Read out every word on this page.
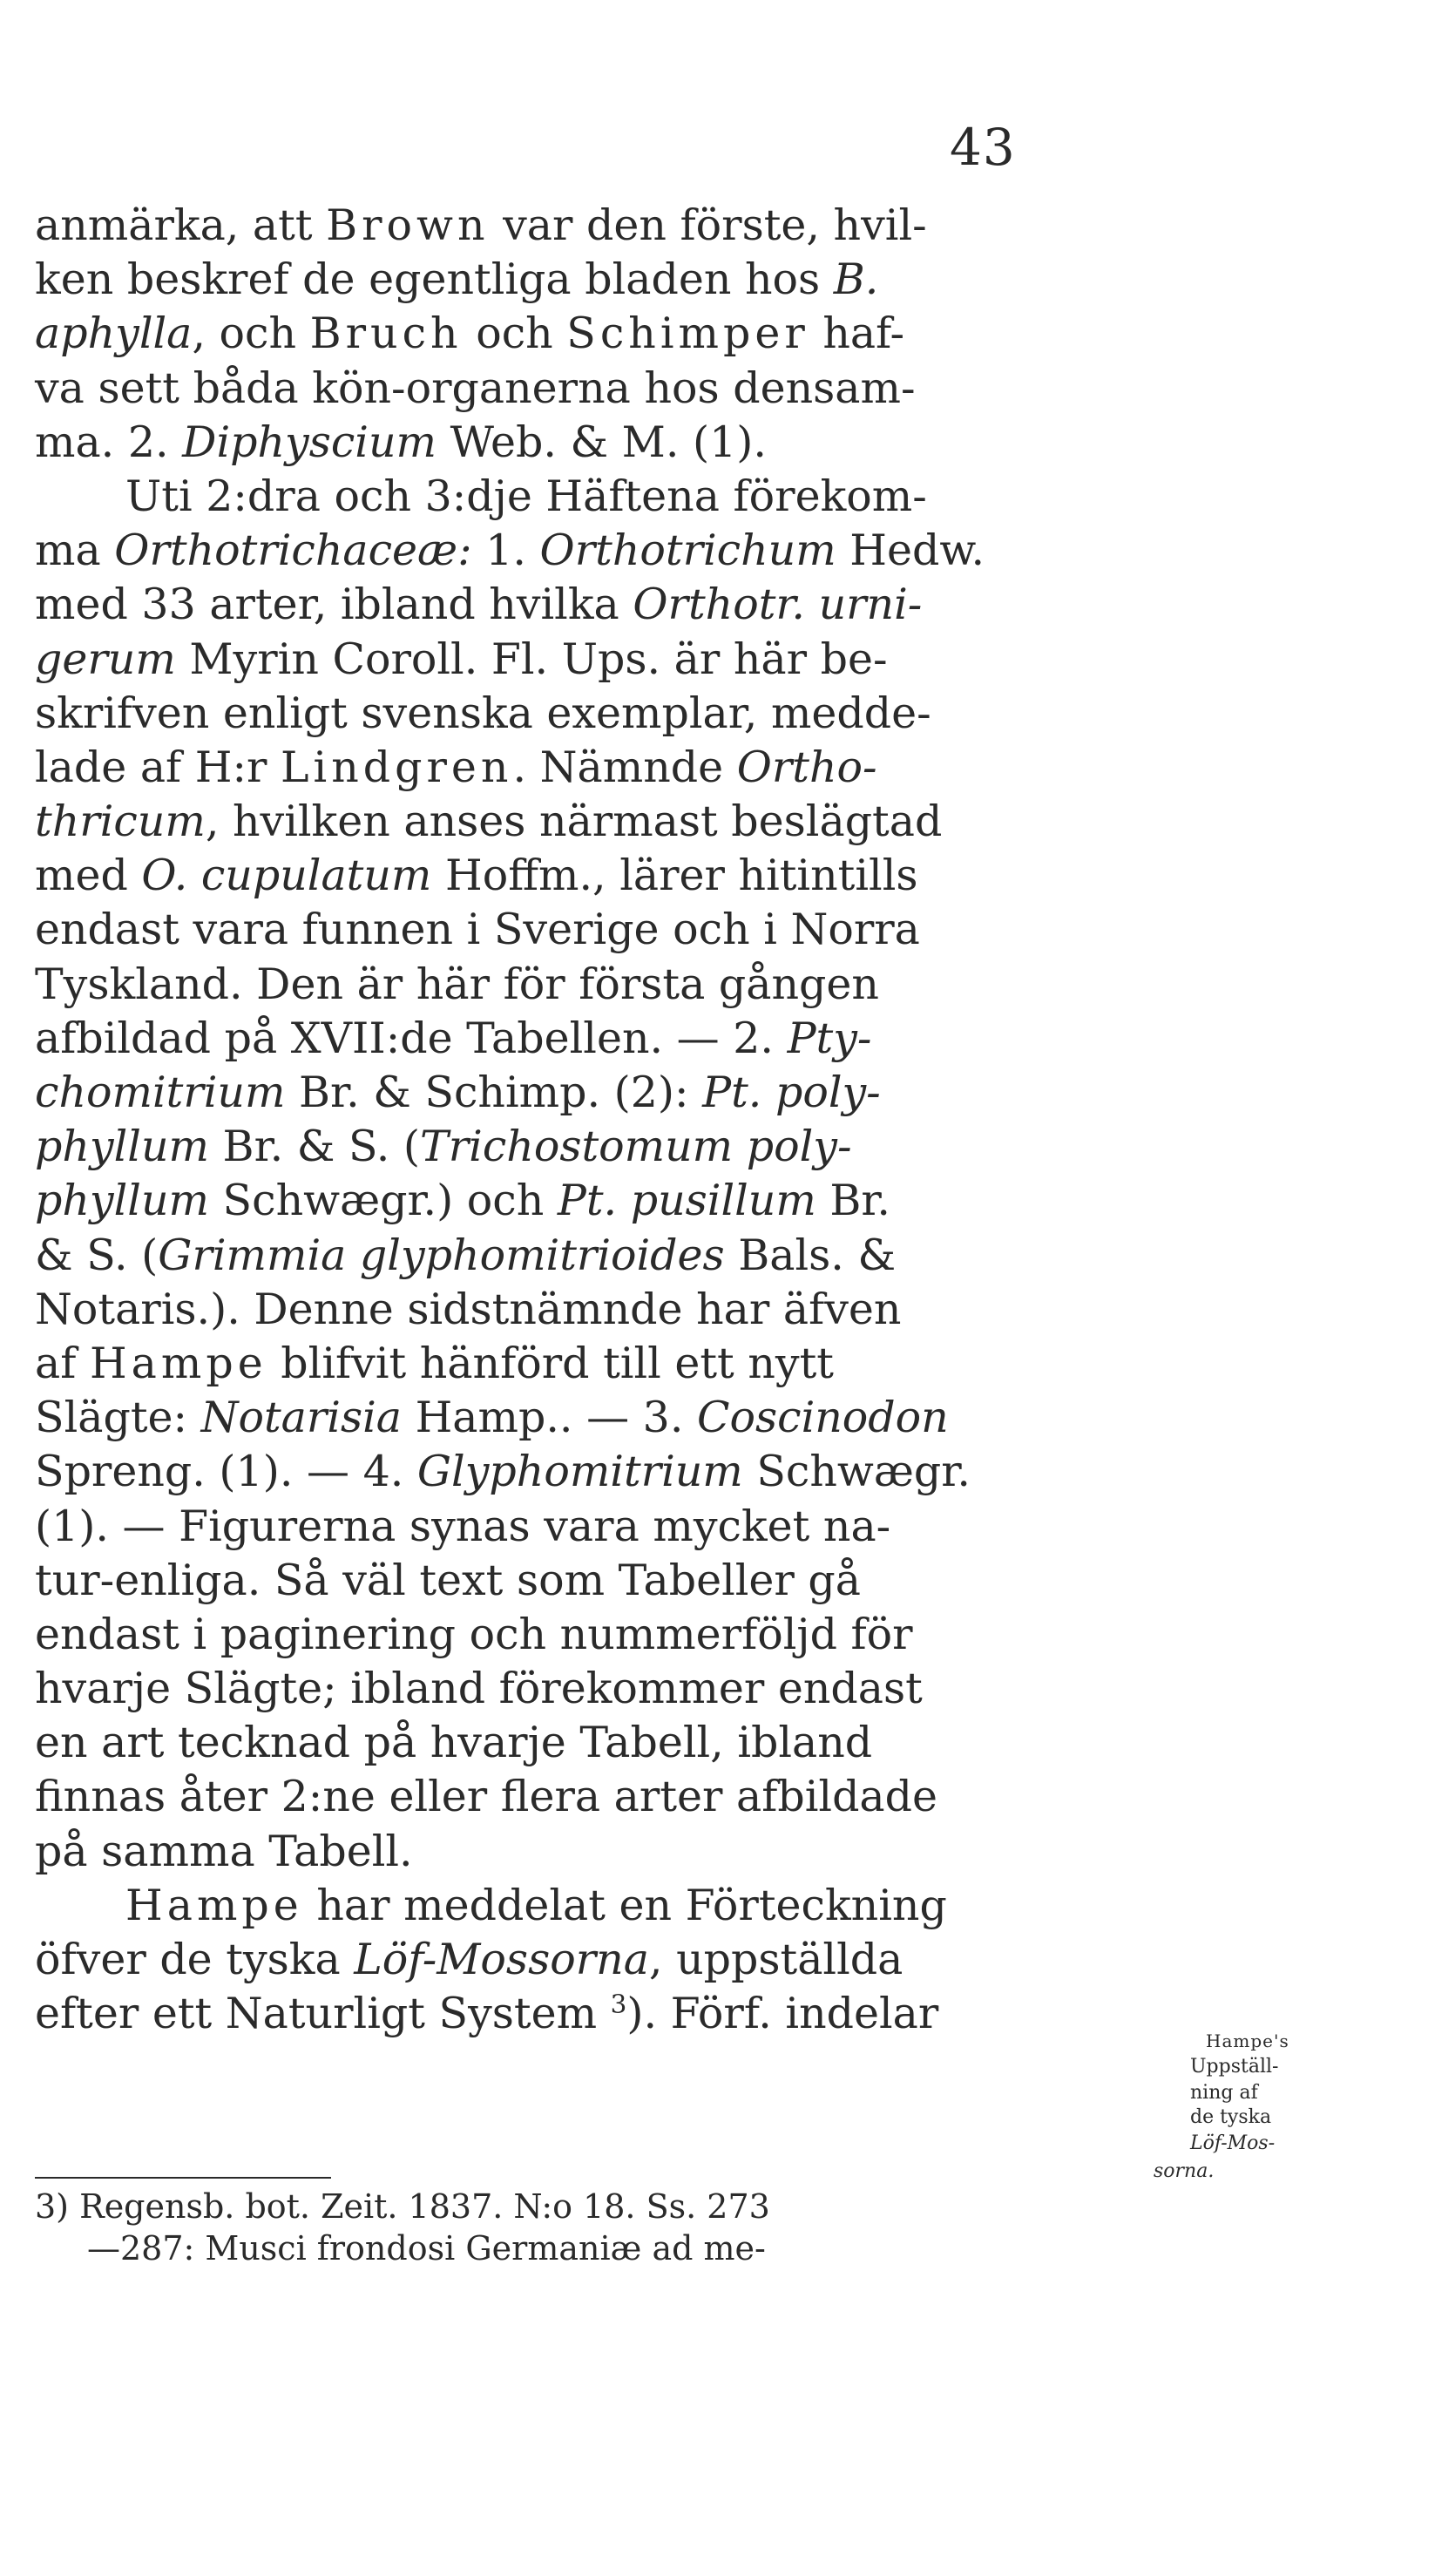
43
anmärka, att Brown var den förste, hvil-
ken beskref de egentliga bladen hos B.
aphylla, och Bruch och Schimper haf-
va sett båda kön-organerna hos densam-
ma. 2. Diphyscium Web. & M. (1).
Uti 2:dra och 3:dje Häftena förekom-
ma Orthotrichaceæ: 1. Orthotrichum Hedw.
med 33 arter, ibland hvilka Orthotr. urni-
gerum Myrin Coroll. Fl. Ups. är här be-
skrifven enligt svenska exemplar, medde-
lade af H:r Lindgren. Nämnde Ortho-
thricum, hvilken anses närmast beslägtad
med O. cupulatum Hoffm., lärer hitintills
endast vara funnen i Sverige och i Norra
Tyskland. Den är här för första gången
afbildad på XVII:de Tabellen. — 2. Pty-
chomitrium Br. & Schimp. (2): Pt. poly-
phyllum Br. & S. (Trichostomum poly-
phyllum Schwægr.) och Pt. pusillum Br.
& S. (Grimmia glyphomitrioides Bals. &
Notaris.). Denne sidstnämnde har äfven
af Hampe blifvit hänförd till ett nytt
Slägte: Notarisia Hamp.. — 3. Coscinodon
Spreng. (1). — 4. Glyphomitrium Schwægr.
(1). — Figurerna synas vara mycket na-
tur-enliga. Så väl text som Tabeller gå
endast i paginering och nummerföljd för
hvarje Slägte; ibland förekommer endast
en art tecknad på hvarje Tabell, ibland
finnas åter 2:ne eller flera arter afbildade
på samma Tabell.
Hampe har meddelat en Förteckning
öfver de tyska Löf-Mossorna, uppställda
efter ett Naturligt System $^3$). Förf. indelar
Hampe's
Uppställ-
ning af
de tyska
Löf-Mos-
sorna.
3) Regensb. bot. Zeit. 1837. N:o 18. Ss. 273
—287: Musci frondosi Germaniæ ad me-
